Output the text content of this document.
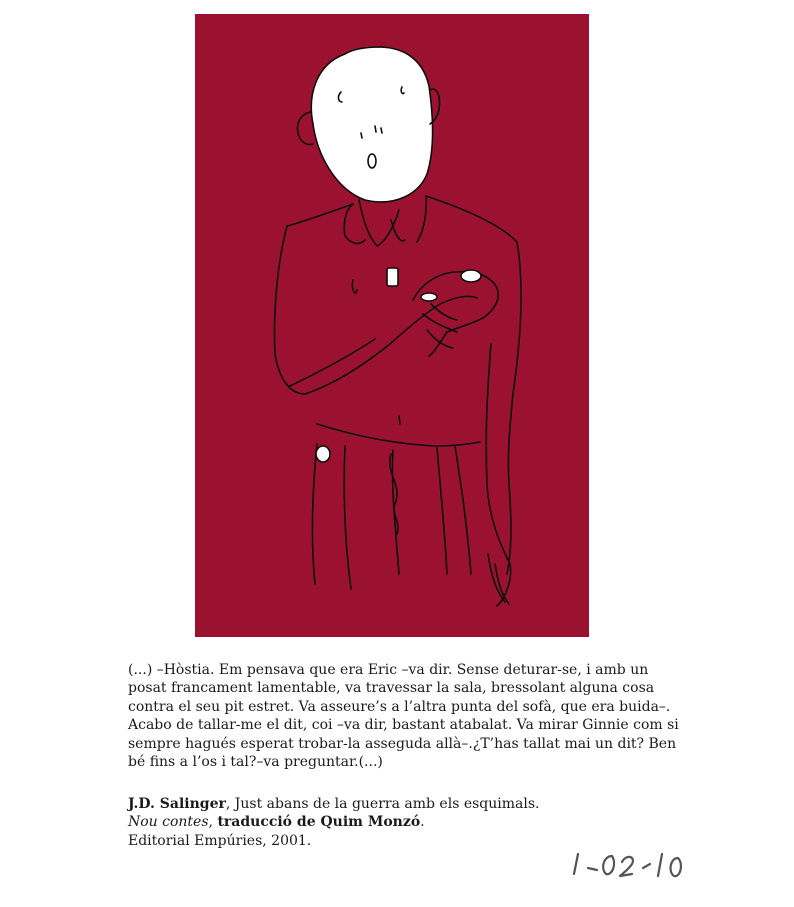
(...) –Hòstia. Em pensava que era Eric –va dir. Sense deturar-se, i amb un posat francament lamentable, va travessar la sala, bressolant alguna cosa contra el seu pit estret. Va asseure’s a l’altra punta del sofà, que era buida–. Acabo de tallar-me el dit, coi –va dir, bastant atabalat. Va mirar Ginnie com si sempre hagués esperat trobar-la asseguda allà–.¿T’has tallat mai un dit? Ben bé fins a l’os i tal?–va preguntar.(...)

J.D. Salinger, Just abans de la guerra amb els esquimals.
Nou contes, traducció de Quim Monzó.
Editorial Empúries, 2001.
